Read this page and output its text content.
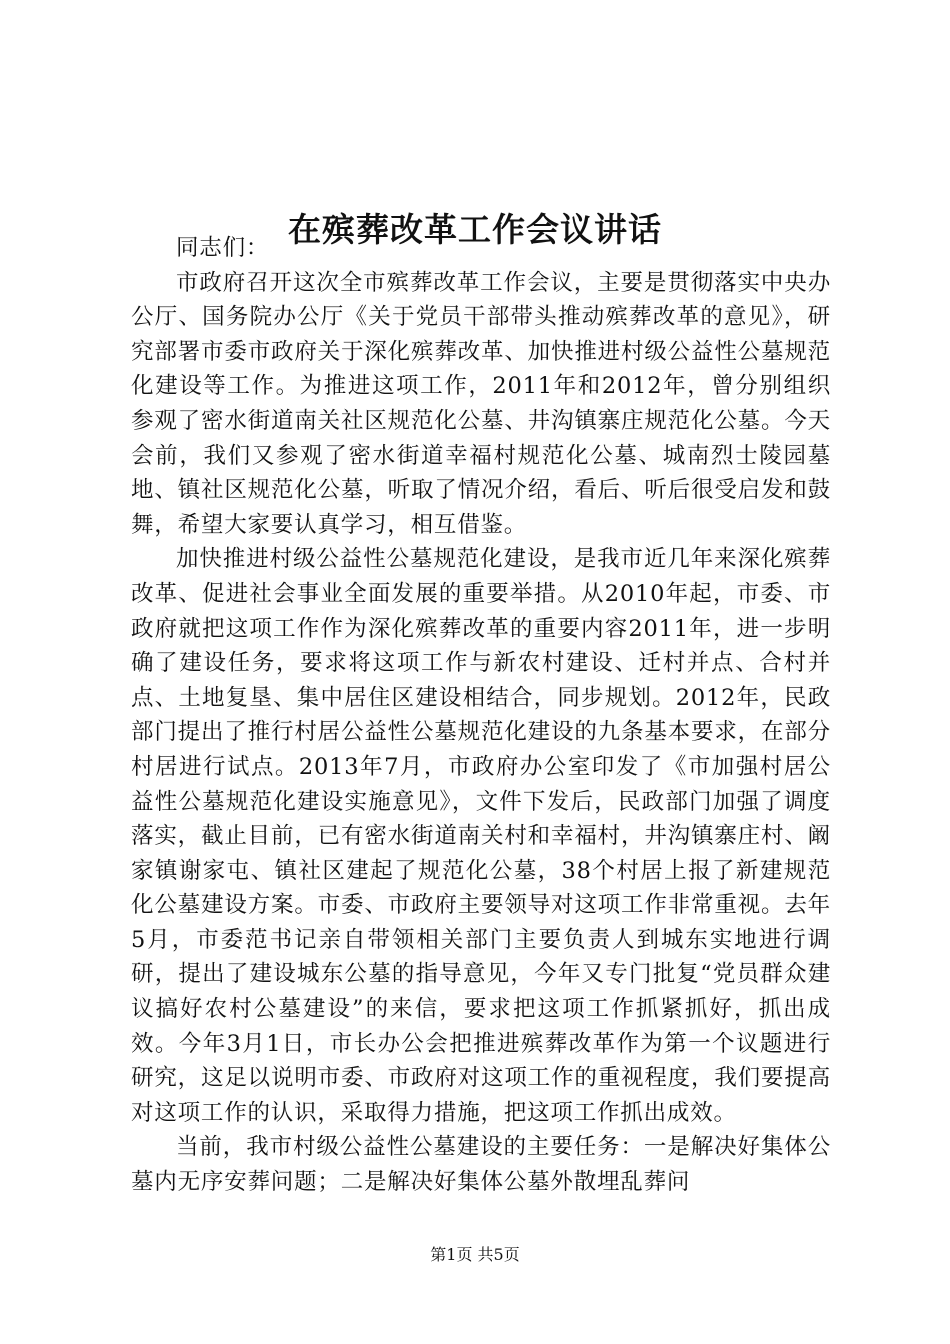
在殡葬改革工作会议讲话

同志们：

市政府召开这次全市殡葬改革工作会议，主要是贯彻落实中央办公厅、国务院办公厅《关于党员干部带头推动殡葬改革的意见》，研究部署市委市政府关于深化殡葬改革、加快推进村级公益性公墓规范化建设等工作。为推进这项工作，2011年和2012年，曾分别组织参观了密水街道南关社区规范化公墓、井沟镇寨庄规范化公墓。今天会前，我们又参观了密水街道幸福村规范化公墓、城南烈士陵园墓地、镇社区规范化公墓，听取了情况介绍，看后、听后很受启发和鼓舞，希望大家要认真学习，相互借鉴。

加快推进村级公益性公墓规范化建设，是我市近几年来深化殡葬改革、促进社会事业全面发展的重要举措。从2010年起，市委、市政府就把这项工作作为深化殡葬改革的重要内容2011年，进一步明确了建设任务，要求将这项工作与新农村建设、迁村并点、合村并点、土地复垦、集中居住区建设相结合，同步规划。2012年，民政部门提出了推行村居公益性公墓规范化建设的九条基本要求，在部分村居进行试点。2013年7月，市政府办公室印发了《市加强村居公益性公墓规范化建设实施意见》，文件下发后，民政部门加强了调度落实，截止目前，已有密水街道南关村和幸福村，井沟镇寨庄村、阚家镇谢家屯、镇社区建起了规范化公墓，38个村居上报了新建规范化公墓建设方案。市委、市政府主要领导对这项工作非常重视。去年5月，市委范书记亲自带领相关部门主要负责人到城东实地进行调研，提出了建设城东公墓的指导意见，今年又专门批复“党员群众建议搞好农村公墓建设”的来信，要求把这项工作抓紧抓好，抓出成效。今年3月1日，市长办公会把推进殡葬改革作为第一个议题进行研究，这足以说明市委、市政府对这项工作的重视程度，我们要提高对这项工作的认识，采取得力措施，把这项工作抓出成效。

当前，我市村级公益性公墓建设的主要任务：一是解决好集体公墓内无序安葬问题；二是解决好集体公墓外散埋乱葬问

第1页 共5页
